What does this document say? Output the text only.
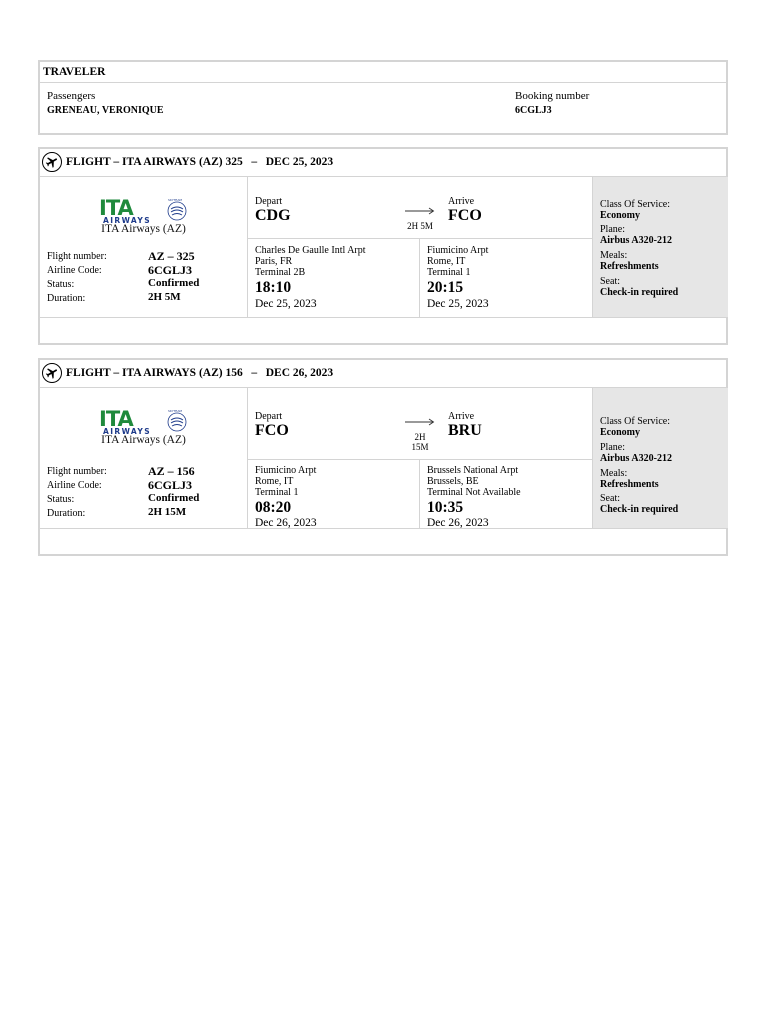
TRAVELER
Passengers
GRENEAU, VERONIQUE
Booking number
6CGLJ3
FLIGHT – ITA AIRWAYS (AZ) 325   –   DEC 25, 2023
ITA
AIRWAYS
SKYTEAM
ITA Airways (AZ)
Flight number:	AZ – 325
Airline Code:	6CGLJ3
Status:	Confirmed
Duration:	2H 5M
Depart
CDG
2H 5M
Arrive
FCO
Charles De Gaulle Intl Arpt
Paris, FR
Terminal 2B
18:10
Dec 25, 2023
Fiumicino Arpt
Rome, IT
Terminal 1
20:15
Dec 25, 2023
Class Of Service:
Economy
Plane:
Airbus A320-212
Meals:
Refreshments
Seat:
Check-in required
FLIGHT – ITA AIRWAYS (AZ) 156   –   DEC 26, 2023
ITA
AIRWAYS
SKYTEAM
ITA Airways (AZ)
Flight number:	AZ – 156
Airline Code:	6CGLJ3
Status:	Confirmed
Duration:	2H 15M
Depart
FCO	2H
15M
Arrive
BRU
Fiumicino Arpt
Rome, IT
Terminal 1
08:20
Dec 26, 2023
Brussels National Arpt
Brussels, BE
Terminal Not Available
10:35
Dec 26, 2023
Class Of Service:
Economy
Plane:
Airbus A320-212
Meals:
Refreshments
Seat:
Check-in required
